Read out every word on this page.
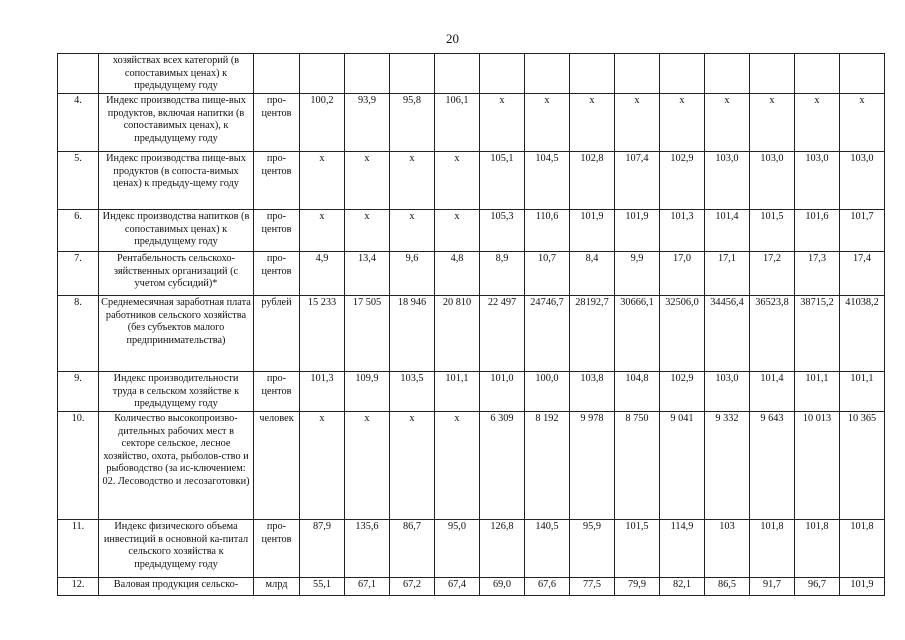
20
	хозяйствах всех категорий (в сопоставимых ценах) к предыдущему году														
4.	Индекс производства пище-вых продуктов, включая напитки (в сопоставимых ценах), к предыдущему году	про-центов	100,2	93,9	95,8	106,1	х	х	х	х	х	х	х	х	х
5.	Индекс производства пище-вых продуктов (в сопоста-вимых ценах) к предыду-щему году	про-центов	х	х	х	х	105,1	104,5	102,8	107,4	102,9	103,0	103,0	103,0	103,0
6.	Индекс производства напитков (в сопоставимых ценах) к предыдущему году	про-центов	х	х	х	х	105,3	110,6	101,9	101,9	101,3	101,4	101,5	101,6	101,7
7.	Рентабельность сельскохо-зяйственных организаций (с учетом субсидий)*	про-центов	4,9	13,4	9,6	4,8	8,9	10,7	8,4	9,9	17,0	17,1	17,2	17,3	17,4
8.	Среднемесячная заработная плата работников сельского хозяйства (без субъектов малого предпринимательства)	рублей	15 233	17 505	18 946	20 810	22 497	24746,7	28192,7	30666,1	32506,0	34456,4	36523,8	38715,2	41038,2
9.	Индекс производительности труда в сельском хозяйстве к предыдущему году	про-центов	101,3	109,9	103,5	101,1	101,0	100,0	103,8	104,8	102,9	103,0	101,4	101,1	101,1
10.	Количество высокопроизво-дительных рабочих мест в секторе сельское, лесное хозяйство, охота, рыболов-ство и рыбоводство (за ис-ключением: 02. Лесоводство и лесозаготовки)	человек	х	х	х	х	6 309	8 192	9 978	8 750	9 041	9 332	9 643	10 013	10 365
11.	Индекс физического объема инвестиций в основной ка-питал сельского хозяйства к предыдущему году	про-центов	87,9	135,6	86,7	95,0	126,8	140,5	95,9	101,5	114,9	103	101,8	101,8	101,8
12.	Валовая продукция сельско-	млрд	55,1	67,1	67,2	67,4	69,0	67,6	77,5	79,9	82,1	86,5	91,7	96,7	101,9
